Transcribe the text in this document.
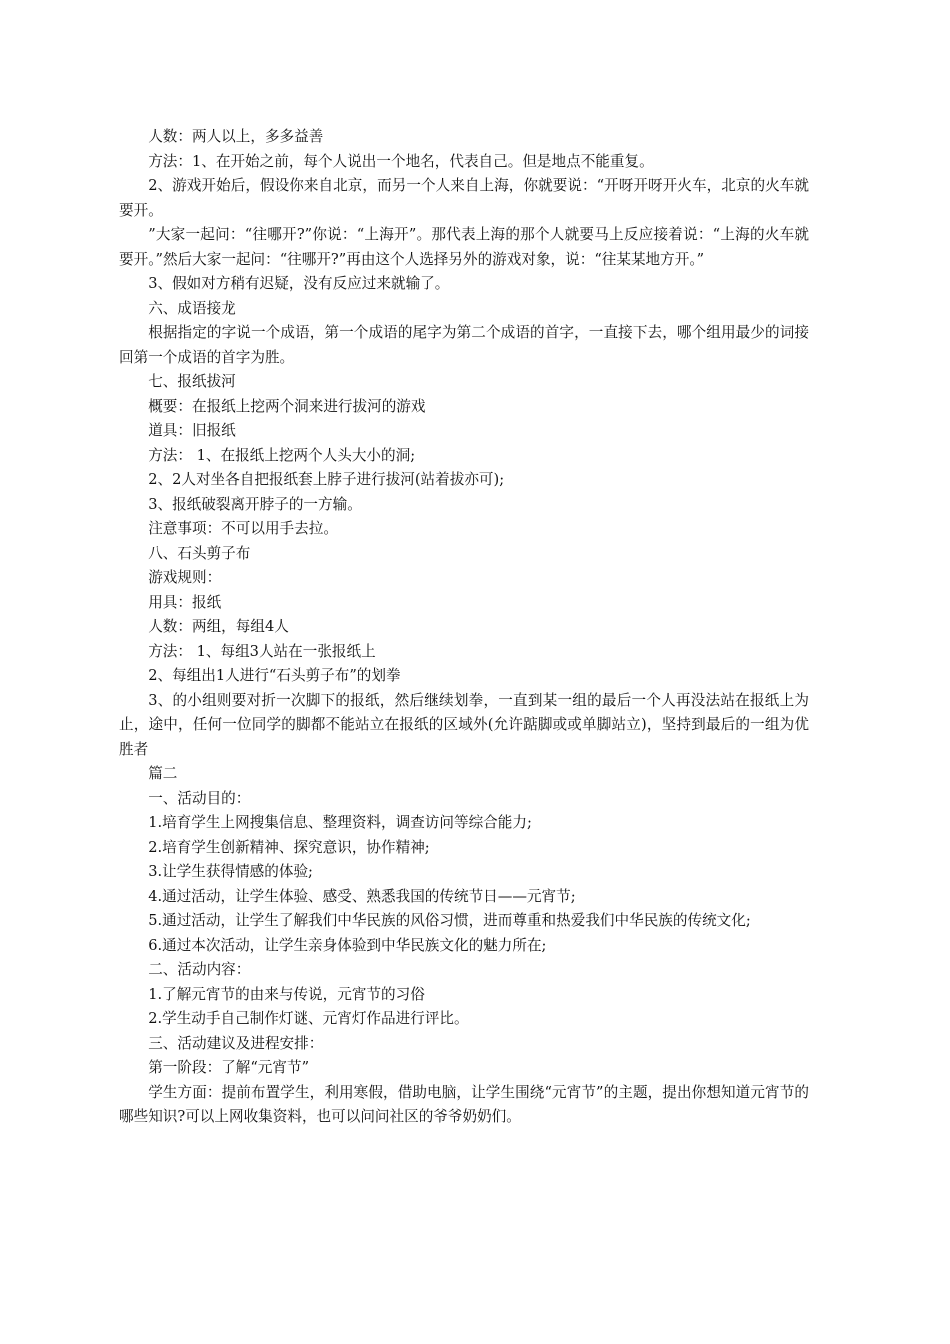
人数：两人以上，多多益善

方法：1、在开始之前，每个人说出一个地名，代表自己。但是地点不能重复。

2、游戏开始后，假设你来自北京，而另一个人来自上海，你就要说：“开呀开呀开火车，北京的火车就要开。

”大家一起问：“往哪开?”你说：“上海开”。那代表上海的那个人就要马上反应接着说：“上海的火车就要开。”然后大家一起问：“往哪开?”再由这个人选择另外的游戏对象，说：“往某某地方开。”

3、假如对方稍有迟疑，没有反应过来就输了。

六、成语接龙

根据指定的字说一个成语，第一个成语的尾字为第二个成语的首字，一直接下去，哪个组用最少的词接回第一个成语的首字为胜。

七、报纸拔河

概要：在报纸上挖两个洞来进行拔河的游戏

道具：旧报纸

方法： 1、在报纸上挖两个人头大小的洞;

2、2人对坐各自把报纸套上脖子进行拔河(站着拔亦可);

3、报纸破裂离开脖子的一方输。

注意事项：不可以用手去拉。

八、石头剪子布

游戏规则：

用具：报纸

人数：两组，每组4人

方法： 1、每组3人站在一张报纸上

2、每组出1人进行“石头剪子布”的划拳

3、的小组则要对折一次脚下的报纸，然后继续划拳，一直到某一组的最后一个人再没法站在报纸上为止，途中，任何一位同学的脚都不能站立在报纸的区域外(允许踮脚或或单脚站立)，坚持到最后的一组为优胜者

篇二

一、活动目的：

1.培育学生上网搜集信息、整理资料，调查访问等综合能力;

2.培育学生创新精神、探究意识，协作精神;

3.让学生获得情感的体验;

4.通过活动，让学生体验、感受、熟悉我国的传统节日——元宵节;

5.通过活动，让学生了解我们中华民族的风俗习惯，进而尊重和热爱我们中华民族的传统文化;

6.通过本次活动，让学生亲身体验到中华民族文化的魅力所在;

二、活动内容：

1.了解元宵节的由来与传说，元宵节的习俗

2.学生动手自己制作灯谜、元宵灯作品进行评比。

三、活动建议及进程安排：

第一阶段：了解“元宵节”

学生方面：提前布置学生，利用寒假，借助电脑，让学生围绕“元宵节”的主题，提出你想知道元宵节的哪些知识?可以上网收集资料，也可以问问社区的爷爷奶奶们。
